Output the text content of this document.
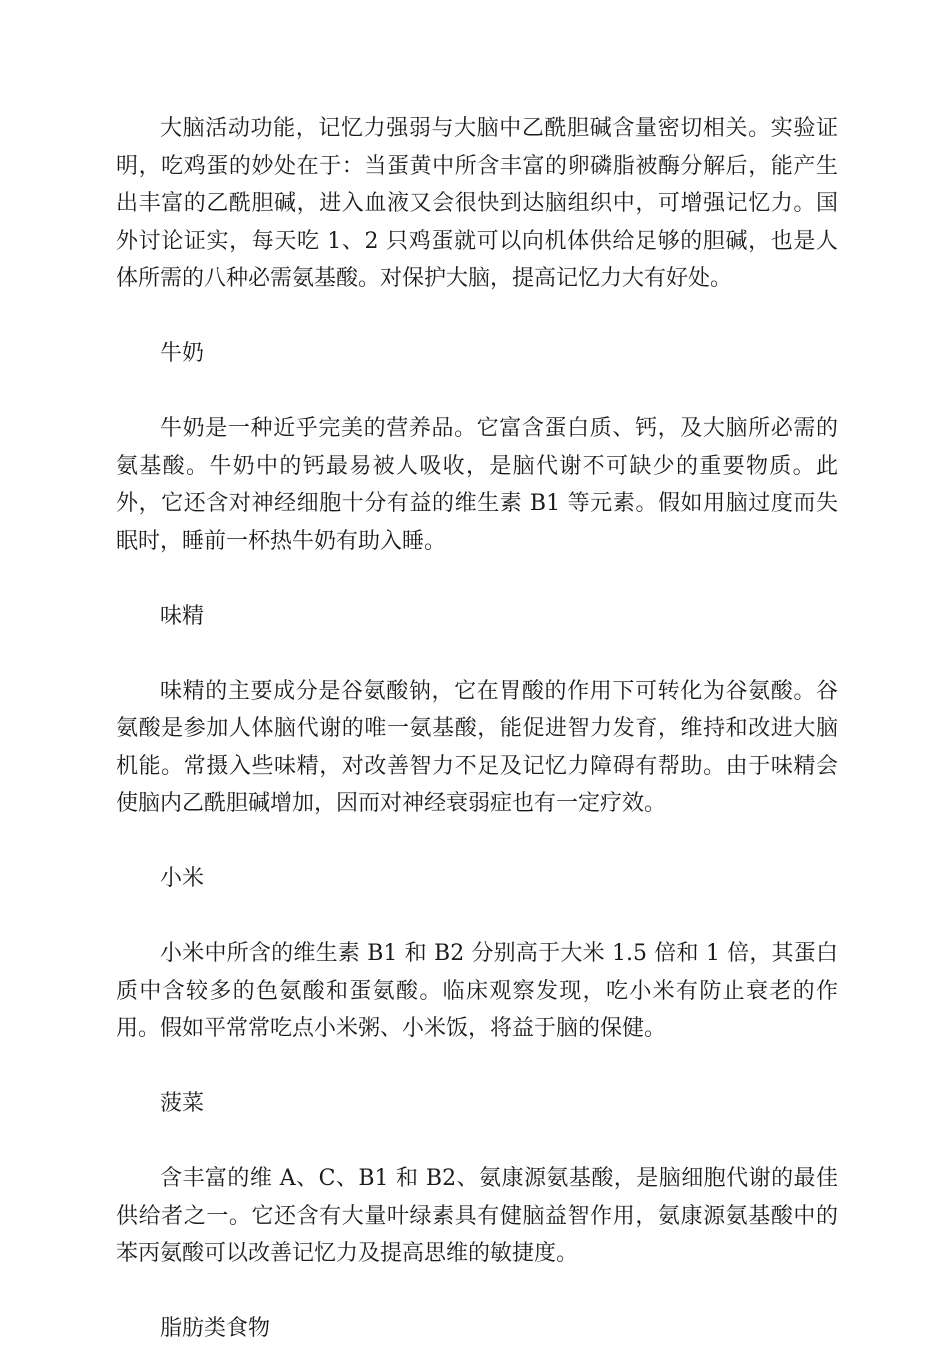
大脑活动功能，记忆力强弱与大脑中乙酰胆碱含量密切相关。实验证明，吃鸡蛋的妙处在于：当蛋黄中所含丰富的卵磷脂被酶分解后，能产生出丰富的乙酰胆碱，进入血液又会很快到达脑组织中，可增强记忆力。国外讨论证实，每天吃 1、2 只鸡蛋就可以向机体供给足够的胆碱，也是人体所需的八种必需氨基酸。对保护大脑，提高记忆力大有好处。

牛奶

牛奶是一种近乎完美的营养品。它富含蛋白质、钙，及大脑所必需的氨基酸。牛奶中的钙最易被人吸收，是脑代谢不可缺少的重要物质。此外，它还含对神经细胞十分有益的维生素 B1 等元素。假如用脑过度而失眠时，睡前一杯热牛奶有助入睡。

味精

味精的主要成分是谷氨酸钠，它在胃酸的作用下可转化为谷氨酸。谷氨酸是参加人体脑代谢的唯一氨基酸，能促进智力发育，维持和改进大脑机能。常摄入些味精，对改善智力不足及记忆力障碍有帮助。由于味精会使脑内乙酰胆碱增加，因而对神经衰弱症也有一定疗效。

小米

小米中所含的维生素 B1 和 B2 分别高于大米 1.5 倍和 1 倍，其蛋白质中含较多的色氨酸和蛋氨酸。临床观察发现，吃小米有防止衰老的作用。假如平常常吃点小米粥、小米饭，将益于脑的保健。

菠菜

含丰富的维 A、C、B1 和 B2、氨康源氨基酸，是脑细胞代谢的最佳供给者之一。它还含有大量叶绿素具有健脑益智作用，氨康源氨基酸中的苯丙氨酸可以改善记忆力及提高思维的敏捷度。

脂肪类食物
